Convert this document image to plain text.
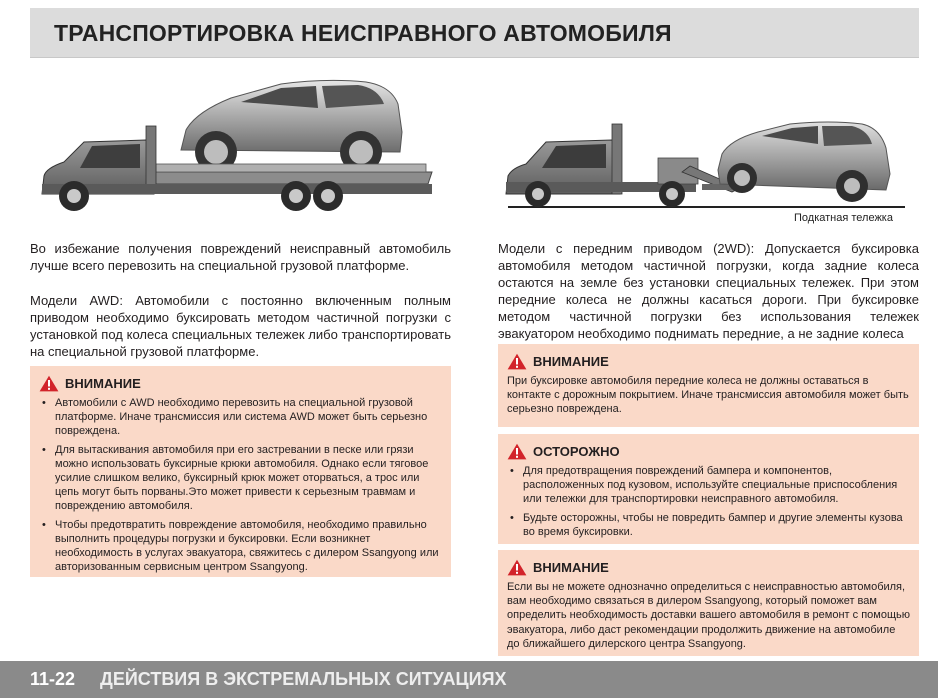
ТРАНСПОРТИРОВКА НЕИСПРАВНОГО АВТОМОБИЛЯ
Подкатная тележка
Во избежание получения повреждений неисправный автомобиль лучше всего перевозить на специальной грузовой платформе.
Модели AWD: Автомобили с постоянно включенным полным приводом необходимо буксировать методом частичной погрузки с установкой под колеса специальных тележек либо транспортировать на специальной грузовой платформе.
ВНИМАНИЕ
• Автомобили с AWD необходимо перевозить на специальной грузовой платформе. Иначе трансмиссия или система AWD может быть серьезно повреждена.
• Для вытаскивания автомобиля при его застревании в песке или грязи можно использовать буксирные крюки автомобиля. Однако если тяговое усилие слишком велико, буксирный крюк может оторваться, а трос или цепь могут быть порваны.Это может привести к серьезным травмам и повреждению автомобиля.
• Чтобы предотвратить повреждение автомобиля, необходимо правильно выполнить процедуры погрузки и буксировки. Если возникнет необходимость в услугах эвакуатора, свяжитесь с дилером Ssangyong или авторизованным сервисным центром Ssangyong.
Модели с передним приводом (2WD): Допускается буксировка автомобиля методом частичной погрузки, когда задние колеса остаются на земле без установки специальных тележек. При этом передние колеса не должны касаться дороги. При буксировке методом частичной погрузки без использования тележек эвакуатором необходимо поднимать передние, а не задние колеса
ВНИМАНИЕ
При буксировке автомобиля передние колеса не должны оставаться в контакте с дорожным покрытием. Иначе трансмиссия автомобиля может быть серьезно повреждена.
ОСТОРОЖНО
• Для предотвращения повреждений бампера и компонентов, расположенных под кузовом, используйте специальные приспособления или тележки для транспортировки неисправного автомобиля.
• Будьте осторожны, чтобы не повредить бампер и другие элементы кузова во время буксировки.
ВНИМАНИЕ
Если вы не можете однозначно определиться с неисправностью автомобиля, вам необходимо связаться в дилером Ssangyong, который поможет вам определить необходимость доставки вашего автомобиля в ремонт с помощью эвакуатора, либо даст рекомендации продолжить движение на автомобиле до ближайшего дилерского центра Ssangyong.
11-22 ДЕЙСТВИЯ В ЭКСТРЕМАЛЬНЫХ СИТУАЦИЯХ
